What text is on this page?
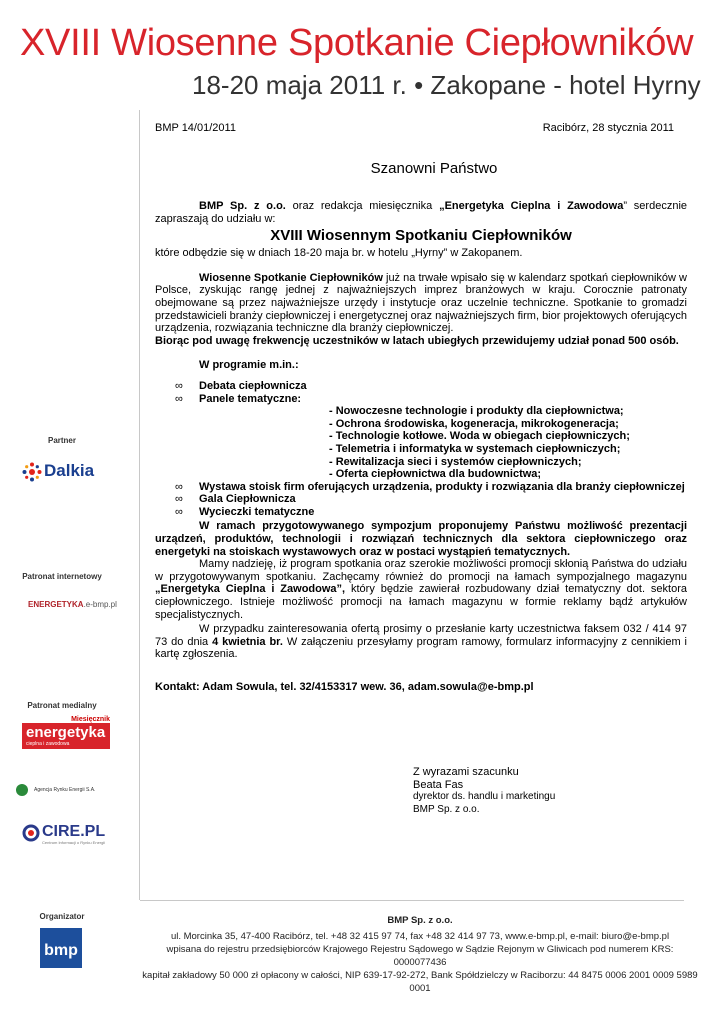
XVIII Wiosenne Spotkanie Ciepłowników
18-20 maja 2011 r. • Zakopane - hotel Hyrny
BMP 14/01/2011	Racibórz, 28 stycznia 2011
Szanowni Państwo

BMP Sp. z o.o. oraz redakcja miesięcznika „Energetyka Cieplna i Zawodowa” serdecznie zapraszają do udziału w:

XVIII Wiosennym Spotkaniu Ciepłowników

które odbędzie się w dniach 18-20 maja br. w hotelu „Hyrny” w Zakopanem.

Wiosenne Spotkanie Ciepłowników już na trwałe wpisało się w kalendarz spotkań ciepłowników w Polsce, zyskując rangę jednej z najważniejszych imprez branżowych w kraju. Corocznie patronaty obejmowane są przez najważniejsze urzędy i instytucje oraz uczelnie techniczne. Spotkanie to gromadzi przedstawicieli branży ciepłowniczej i energetycznej oraz najważniejszych firm, bior projektowych oferujących urządzenia, rozwiązania techniczne dla branży ciepłowniczej.

Biorąc pod uwagę frekwencję uczestników w latach ubiegłych przewidujemy udział ponad 500 osób.

W programie m.in.:

∞ Debata ciepłownicza
∞ Panele tematyczne:
- Nowoczesne technologie i produkty dla ciepłownictwa;
- Ochrona środowiska, kogeneracja, mikrokogeneracja;
- Technologie kotłowe. Woda w obiegach ciepłowniczych;
- Telemetria i informatyka w systemach ciepłowniczych;
- Rewitalizacja sieci i systemów ciepłowniczych;
- Oferta ciepłownictwa dla budownictwa;
∞ Wystawa stoisk firm oferujących urządzenia, produkty i rozwiązania dla branży ciepłowniczej
∞ Gala Ciepłownicza
∞ Wycieczki tematyczne

W ramach przygotowywanego sympozjum proponujemy Państwu możliwość prezentacji urządzeń, produktów, technologii i rozwiązań technicznych dla sektora ciepłowniczego oraz energetyki na stoiskach wystawowych oraz w postaci wystąpień tematycznych.

Mamy nadzieję, iż program spotkania oraz szerokie możliwości promocji skłonią Państwa do udziału w przygotowywanym spotkaniu. Zachęcamy również do promocji na łamach sympozjalnego magazynu „Energetyka Cieplna i Zawodowa”, który będzie zawierał rozbudowany dział tematyczny dot. sektora ciepłowniczego. Istnieje możliwość promocji na łamach magazynu w formie reklamy bądź artykułów specjalistycznych.

W przypadku zainteresowania ofertą prosimy o przesłanie karty uczestnictwa faksem 032 / 414 97 73 do dnia 4 kwietnia br. W załączeniu przesyłamy program ramowy, formularz informacyjny z cennikiem i kartę zgłoszenia.

Kontakt: Adam Sowula, tel. 32/4153317 wew. 36, adam.sowula@e-bmp.pl

Z wyrazami szacunku
Beata Fas
dyrektor ds. handlu i marketingu
BMP Sp. z o.o.
Partner
Dalkia
Patronat internetowy
ENERGETYKA.e-bmp.pl
Patronat medialny
Miesięcznik
energetyka
cieplna i zawodowa
Agencja Rynku Energii S.A.
CIRE.PL
Centrum Informacji o Rynku Energii
Organizator
bmp
BMP Sp. z o.o.
ul. Morcinka 35, 47-400 Racibórz, tel. +48 32 415 97 74, fax +48 32 414 97 73, www.e-bmp.pl, e-mail: biuro@e-bmp.pl
wpisana do rejestru przedsiębiorców Krajowego Rejestru Sądowego w Sądzie Rejonym w Gliwicach pod numerem KRS: 0000077436
kapitał zakładowy 50 000 zł opłacony w całości, NIP 639-17-92-272, Bank Spółdzielczy w Raciborzu: 44 8475 0006 2001 0009 5989 0001
